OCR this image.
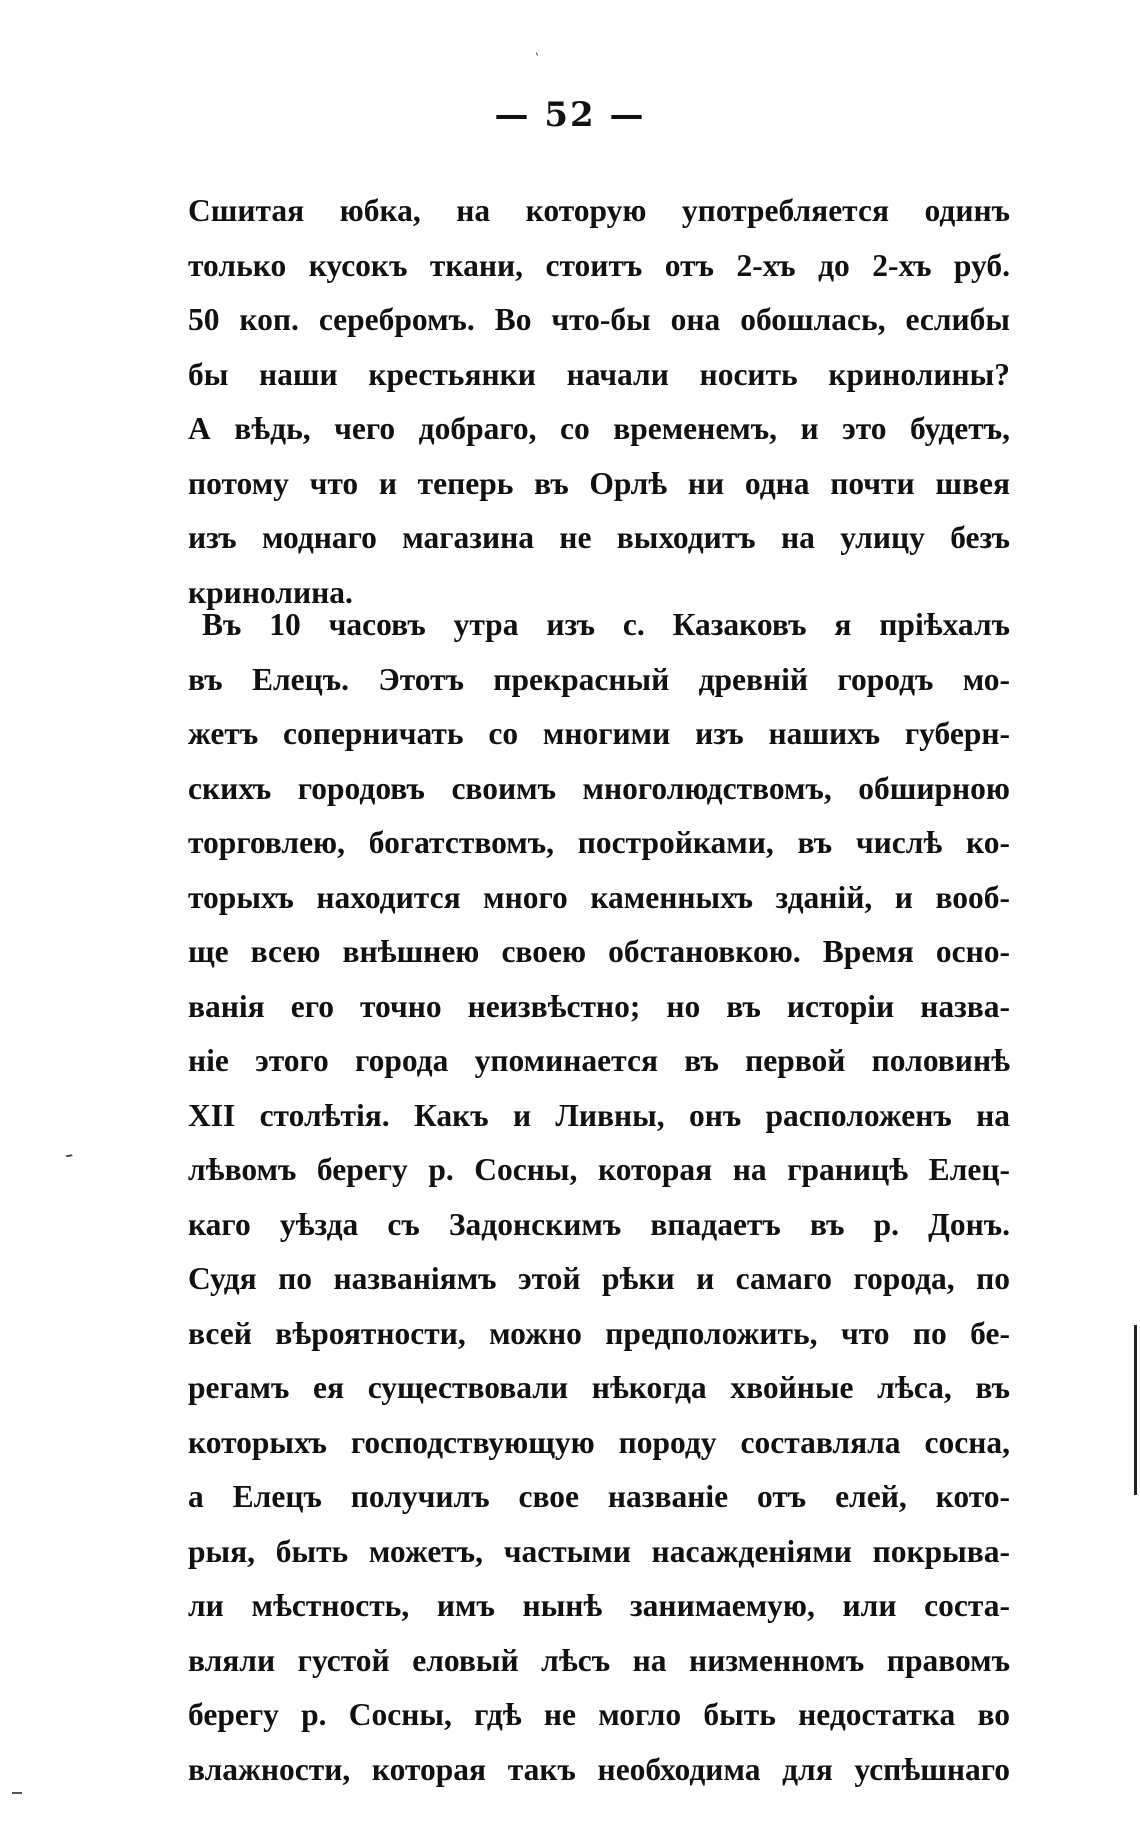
ˋ
ˊ
— 52 —
Сшитая юбка, на которую употребляется одинъ
только кусокъ ткани, стоитъ отъ 2-хъ до 2-хъ руб.
50 коп. серебромъ. Во что-бы она обошлась, еслибы
бы наши крестьянки начали носить кринолины?
А вѣдь, чего добраго, со временемъ, и это будетъ,
потому что и теперь въ Орлѣ ни одна почти швея
изъ моднаго магазина не выходитъ на улицу безъ
кринолина.
Въ 10 часовъ утра изъ с. Казаковъ я пріѣхалъ
въ Елецъ. Этотъ прекрасный древній городъ мо-
жетъ соперничать со многими изъ нашихъ губерн-
скихъ городовъ своимъ многолюдствомъ, обширною
торговлею, богатствомъ, постройками, въ числѣ ко-
торыхъ находится много каменныхъ зданій, и вооб-
ще всею внѣшнею своею обстановкою. Время осно-
ванія его точно неизвѣстно; но въ исторіи назва-
ніе этого города упоминается въ первой половинѣ
XII столѣтія. Какъ и Ливны, онъ расположенъ на
лѣвомъ берегу р. Сосны, которая на границѣ Елец-
каго уѣзда съ Задонскимъ впадаетъ въ р. Донъ.
Судя по названіямъ этой рѣки и самаго города, по
всей вѣроятности, можно предположить, что по бе-
регамъ ея существовали нѣкогда хвойные лѣса, въ
которыхъ господствующую породу составляла сосна,
а Елецъ получилъ свое названіе отъ елей, кото-
рыя, быть можетъ, частыми насажденіями покрыва-
ли мѣстность, имъ нынѣ занимаемую, или соста-
вляли густой еловый лѣсъ на низменномъ правомъ
берегу р. Сосны, гдѣ не могло быть недостатка во
влажности, которая такъ необходима для успѣшнаго
